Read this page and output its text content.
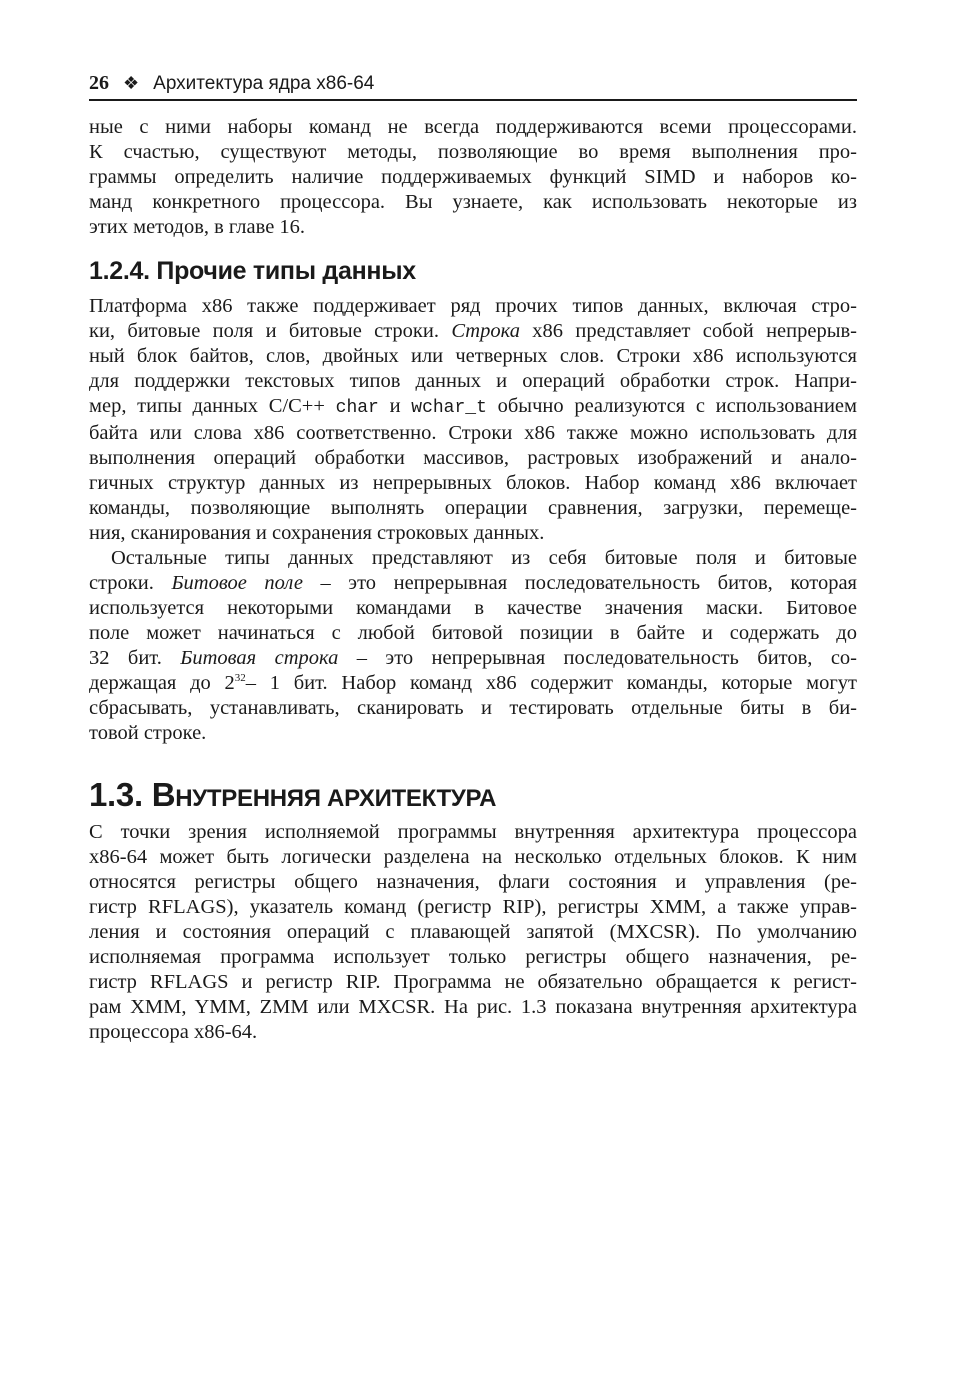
26 ❖ Архитектура ядра x86-64
ные с ними наборы команд не всегда поддерживаются всеми процессорами.
К счастью, существуют методы, позволяющие во время выполнения про-
граммы определить наличие поддерживаемых функций SIMD и наборов ко-
манд конкретного процессора. Вы узнаете, как использовать некоторые из
этих методов, в главе 16.
1.2.4. Прочие типы данных
Платформа x86 также поддерживает ряд прочих типов данных, включая стро-
ки, битовые поля и битовые строки. Строка x86 представляет собой непрерыв-
ный блок байтов, слов, двойных или четверных слов. Строки x86 используются
для поддержки текстовых типов данных и операций обработки строк. Напри-
мер, типы данных C/C++ char и wchar_t обычно реализуются с использованием
байта или слова x86 соответственно. Строки x86 также можно использовать для
выполнения операций обработки массивов, растровых изображений и анало-
гичных структур данных из непрерывных блоков. Набор команд x86 включает
команды, позволяющие выполнять операции сравнения, загрузки, перемеще-
ния, сканирования и сохранения строковых данных.
Остальные типы данных представляют из себя битовые поля и битовые
строки. Битовое поле – это непрерывная последовательность битов, которая
используется некоторыми командами в качестве значения маски. Битовое
поле может начинаться с любой битовой позиции в байте и содержать до
32 бит. Битовая строка – это непрерывная последовательность битов, со-
держащая до $2^{32}-$ 1 бит. Набор команд x86 содержит команды, которые могут
сбрасывать, устанавливать, сканировать и тестировать отдельные биты в би-
товой строке.
1.3. ВНУТРЕННЯЯ АРХИТЕКТУРА
С точки зрения исполняемой программы внутренняя архитектура процессора
x86-64 может быть логически разделена на несколько отдельных блоков. К ним
относятся регистры общего назначения, флаги состояния и управления (ре-
гистр RFLAGS), указатель команд (регистр RIP), регистры XMM, а также управ-
ления и состояния операций с плавающей запятой (MXCSR). По умолчанию
исполняемая программа использует только регистры общего назначения, ре-
гистр RFLAGS и регистр RIP. Программа не обязательно обращается к регист-
рам XMM, YMM, ZMM или MXCSR. На рис. 1.3 показана внутренняя архитектура
процессора x86-64.
